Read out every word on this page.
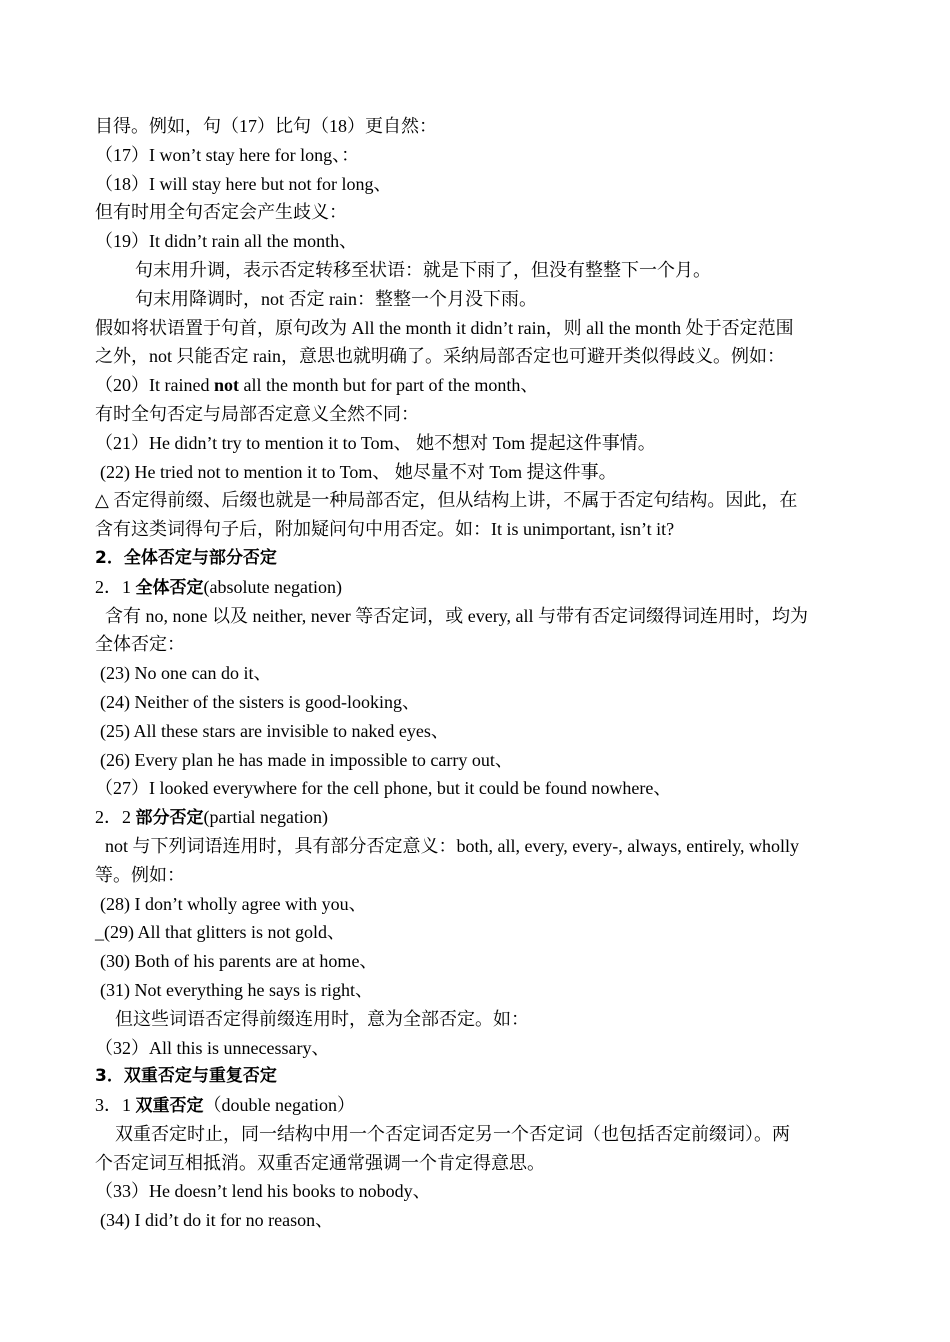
目得。例如，句（17）比句（18）更自然：
（17）I won’t stay here for long、：
（18）I will stay here but not for long、
但有时用全句否定会产生歧义：
（19）It didn’t rain all the month、
句末用升调，表示否定转移至状语：就是下雨了，但没有整整下一个月。
句末用降调时，not 否定 rain：整整一个月没下雨。
假如将状语置于句首，原句改为 All the month it didn’t rain，则 all the month 处于否定范围
之外，not 只能否定 rain，意思也就明确了。采纳局部否定也可避开类似得歧义。例如：
（20）It rained not all the month but for part of the month、
有时全句否定与局部否定意义全然不同：
（21）He didn’t try to mention it to Tom、 她不想对 Tom 提起这件事情。
(22) He tried not to mention it to Tom、 她尽量不对 Tom 提这件事。
△ 否定得前缀、后缀也就是一种局部否定，但从结构上讲，不属于否定句结构。因此，在
含有这类词得句子后，附加疑问句中用否定。如：It is unimportant, isn’t it?
2．全体否定与部分否定
2．1 全体否定(absolute negation)
含有 no, none 以及 neither, never 等否定词，或 every, all 与带有否定词缀得词连用时，均为
全体否定：
(23) No one can do it、
(24) Neither of the sisters is good-looking、
(25) All these stars are invisible to naked eyes、
(26) Every plan he has made in impossible to carry out、
（27）I looked everywhere for the cell phone, but it could be found nowhere、
2．2 部分否定(partial negation)
not 与下列词语连用时，具有部分否定意义：both, all, every, every-, always, entirely, wholly
等。例如：
(28) I don’t wholly agree with you、
_(29) All that glitters is not gold、
(30) Both of his parents are at home、
(31) Not everything he says is right、
但这些词语否定得前缀连用时，意为全部否定。如：
（32）All this is unnecessary、
3．双重否定与重复否定
3．1 双重否定（double negation）
双重否定时止，同一结构中用一个否定词否定另一个否定词（也包括否定前缀词）。两
个否定词互相抵消。双重否定通常强调一个肯定得意思。
（33）He doesn’t lend his books to nobody、
(34) I did’t do it for no reason、
